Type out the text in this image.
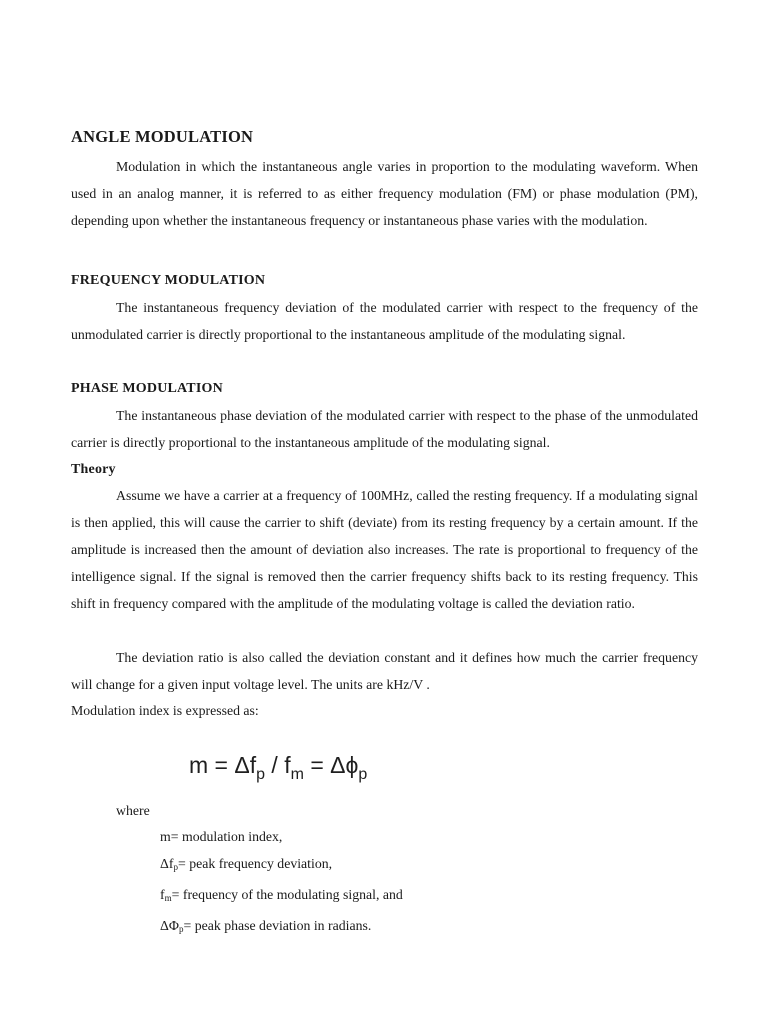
ANGLE MODULATION

Modulation in which the instantaneous angle varies in proportion to the modulating waveform. When used in an analog manner, it is referred to as either frequency modulation (FM) or phase modulation (PM), depending upon whether the instantaneous frequency or instantaneous phase varies with the modulation.

FREQUENCY MODULATION

The instantaneous frequency deviation of the modulated carrier with respect to the frequency of the unmodulated carrier is directly proportional to the instantaneous amplitude of the modulating signal.

PHASE MODULATION

The instantaneous phase deviation of the modulated carrier with respect to the phase of the unmodulated carrier is directly proportional to the instantaneous amplitude of the modulating signal.

Theory

Assume we have a carrier at a frequency of 100MHz, called the resting frequency. If a modulating signal is then applied, this will cause the carrier to shift (deviate) from its resting frequency by a certain amount. If the amplitude is increased then the amount of deviation also increases. The rate is proportional to frequency of the intelligence signal. If the signal is removed then the carrier frequency shifts back to its resting frequency. This shift in frequency compared with the amplitude of the modulating voltage is called the deviation ratio.

The deviation ratio is also called the deviation constant and it defines how much the carrier frequency will change for a given input voltage level. The units are kHz/V .

Modulation index is expressed as:
$m = \Delta f_p / f_m = \Delta\phi_p$
where
m= modulation index,
$\Delta f_p=$ peak frequency deviation,
$f_m=$ frequency of the modulating signal, and
$\Delta\Phi_p=$ peak phase deviation in radians.
